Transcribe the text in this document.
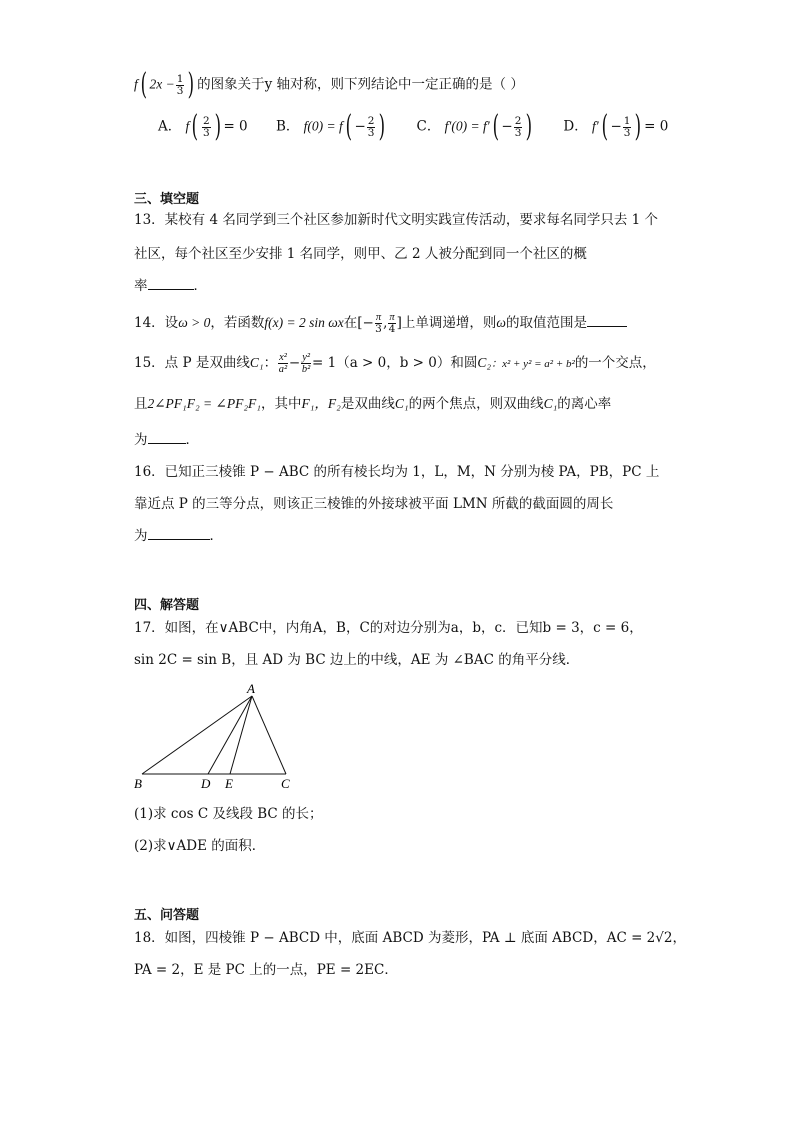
f( $2x - \frac{1}{3}$ ) 的图象关于y 轴对称，则下列结论中一定正确的是（ ）
A． $f( \frac{2}{3}$ ) = 0 B． $f(0) = f( - \frac{2}{3}$ ) C． $f'(0) = f'( - \frac{2}{3}$ ) D． $f'( - \frac{1}{3}$ ) = 0
三、填空题
13．某校有 4 名同学到三个社区参加新时代文明实践宣传活动，要求每名同学只去 1 个
社区，每个社区至少安排 1 名同学，则甲、乙 2 人被分配到同一个社区的概
率	．
14．设ω > 0，若函数f(x) = 2 sin ωx在[− $\frac{\pi}{3}$ , $\frac{\pi}{4}$ ]上单调递增，则ω的取值范围是
15．点 P 是双曲线C₁： $\frac{\text{x²}}{\text{a²}} - \frac{\text{y²}}{\text{b²}} = 1(a > 0$，b > 0）和圆C₂：x² + y² = a² + b²的一个交点，
且2∠PF₁F₂ = ∠PF₂F₁，其中F₁，F₂是双曲线C₁的两个焦点，则双曲线C₁的离心率
为	．
16．已知正三棱锥 P − ABC 的所有棱长均为 1，L，M，N 分别为棱 PA，PB，PC 上
靠近点 P 的三等分点，则该正三棱锥的外接球被平面 LMN 所截的截面圆的周长
为	．
四、解答题
17．如图，在∨ABC中，内角A，B，C的对边分别为a，b，c．已知b = 3，c = 6，
sin 2C = sin B，且 AD 为 BC 边上的中线，AE 为 ∠BAC 的角平分线．
A
B	D E	C
(1)求 cos C 及线段 BC 的长；
(2)求∨ADE 的面积．
五、问答题
18．如图，四棱锥 P − ABCD 中，底面 ABCD 为菱形，PA ⊥ 底面 ABCD，AC = 2√2，
PA = 2，E 是 PC 上的一点，PE = 2EC．
